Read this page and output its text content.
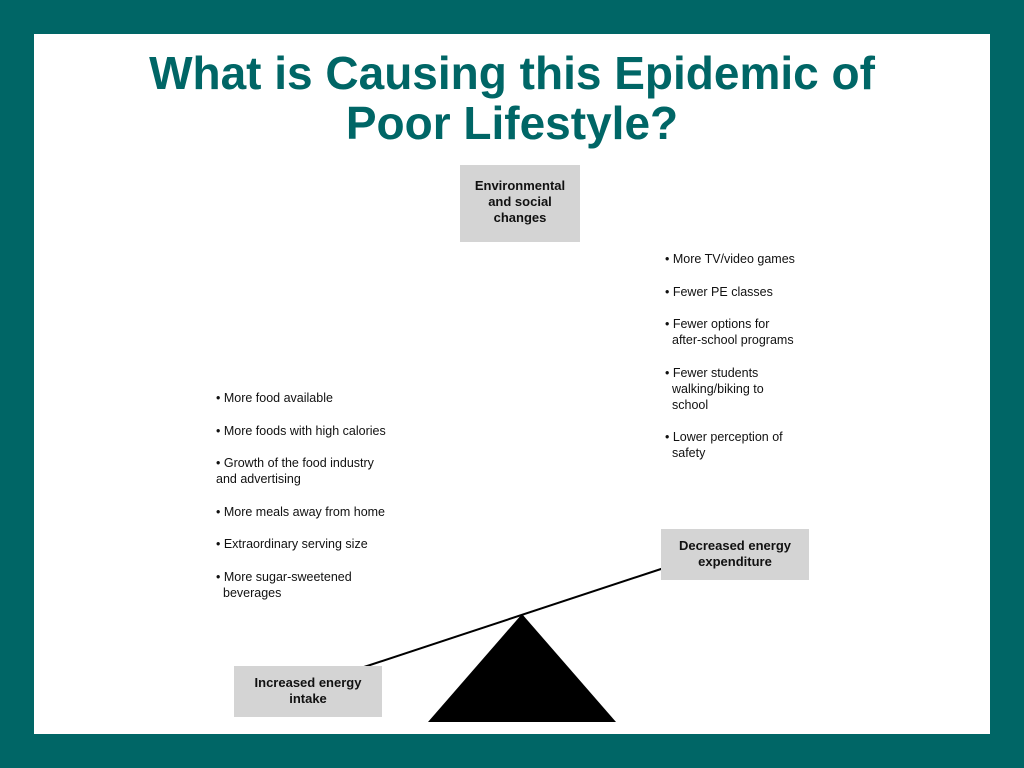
What is Causing this Epidemic of
Poor Lifestyle?
Environmental
and social
changes
• More TV/video games
• Fewer PE classes
• Fewer options for
after-school programs
• Fewer students
walking/biking to
school
• Lower perception of
safety
• More food available
• More foods with high calories
• Growth of the food industry
and advertising
• More meals away from home
• Extraordinary serving size
• More sugar-sweetened
beverages
Decreased energy
expenditure
Increased energy
intake
